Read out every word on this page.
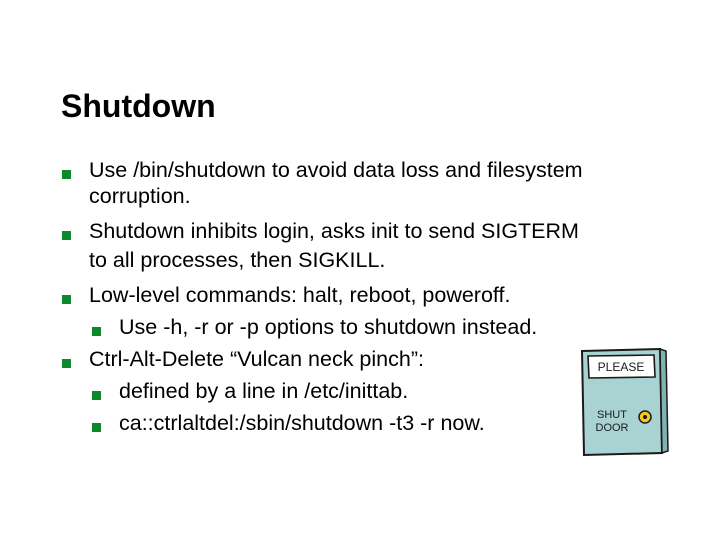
Shutdown
Use /bin/shutdown to avoid data loss and filesystem
corruption.
Shutdown inhibits login, asks init to send SIGTERM
to all processes, then SIGKILL.
Low-level commands: halt, reboot, poweroff.
Use -h, -r or -p options to shutdown instead.
Ctrl-Alt-Delete “Vulcan neck pinch”:
defined by a line in /etc/inittab.
ca::ctrlaltdel:/sbin/shutdown -t3 -r now.
PLEASE
SHUT
DOOR
